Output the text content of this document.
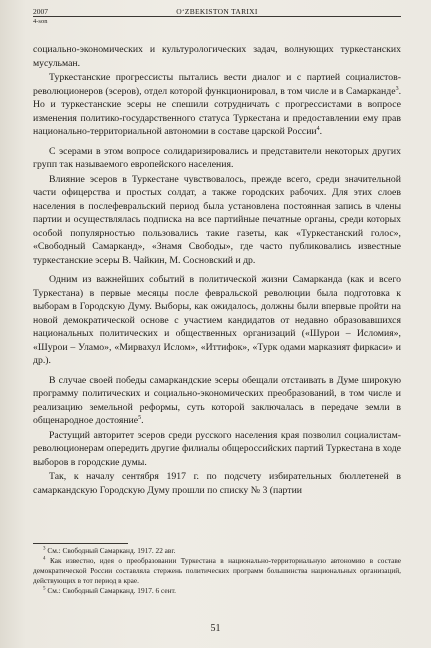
2007	O‘ZBEKISTON TARIXI
4-son

социально-экономических и культурологических задач, волнующих туркестанских мусульман.

Туркестанские прогрессисты пытались вести диалог и с партией социалистов-революционеров (эсеров), отдел которой функционировал, в том числе и в Самарканде$^3$. Но и туркестанские эсеры не спешили сотрудничать с прогрессистами в вопросе изменения политико-государственного статуса Туркестана и предоставлении ему прав национально-территориальной автономии в составе царской России$^4$.

С эсерами в этом вопросе солидаризировались и представители некоторых других групп так называемого европейского населения.

Влияние эсеров в Туркестане чувствовалось, прежде всего, среди значительной части офицерства и простых солдат, а также городских рабочих. Для этих слоев населения в послефевральский период была установлена постоянная запись в члены партии и осуществлялась подписка на все партийные печатные органы, среди которых особой популярностью пользовались такие газеты, как «Туркестанский голос», «Свободный Самарканд», «Знамя Свободы», где часто публиковались известные туркестанские эсеры В. Чайкин, М. Сосновский и др.

Одним из важнейших событий в политической жизни Самарканда (как и всего Туркестана) в первые месяцы после февральской революции была подготовка к выборам в Городскую Думу. Выборы, как ожидалось, должны были впервые пройти на новой демократической основе с участием кандидатов от недавно образовавшихся национальных политических и общественных организаций («Шурои – Исломия», «Шурои – Уламо», «Мирвахул Ислом», «Иттифок», «Турк одами марказият фиркаси» и др.).

В случае своей победы самаркандские эсеры обещали отстаивать в Думе широкую программу политических и социально-экономических преобразований, в том числе и реализацию земельной реформы, суть которой заключалась в передаче земли в общенародное достояние$^5$.

Растущий авторитет эсеров среди русского населения края позволил социалистам-революционерам опередить другие филиалы общероссийских партий Туркестана в ходе выборов в городские думы.

Так, к началу сентября 1917 г. по подсчету избирательных бюллетеней в самаркандскую Городскую Думу прошли по списку № 3 (партии

$^3$ См.: Свободный Самарканд. 1917. 22 авг.

$^4$ Как известно, идея о преобразовании Туркестана в национально-территориальную автономию в составе демократической России составляла стержень политических программ большинства национальных организаций, действующих в тот период в крае.

$^5$ См.: Свободный Самарканд. 1917. 6 сент.

51
